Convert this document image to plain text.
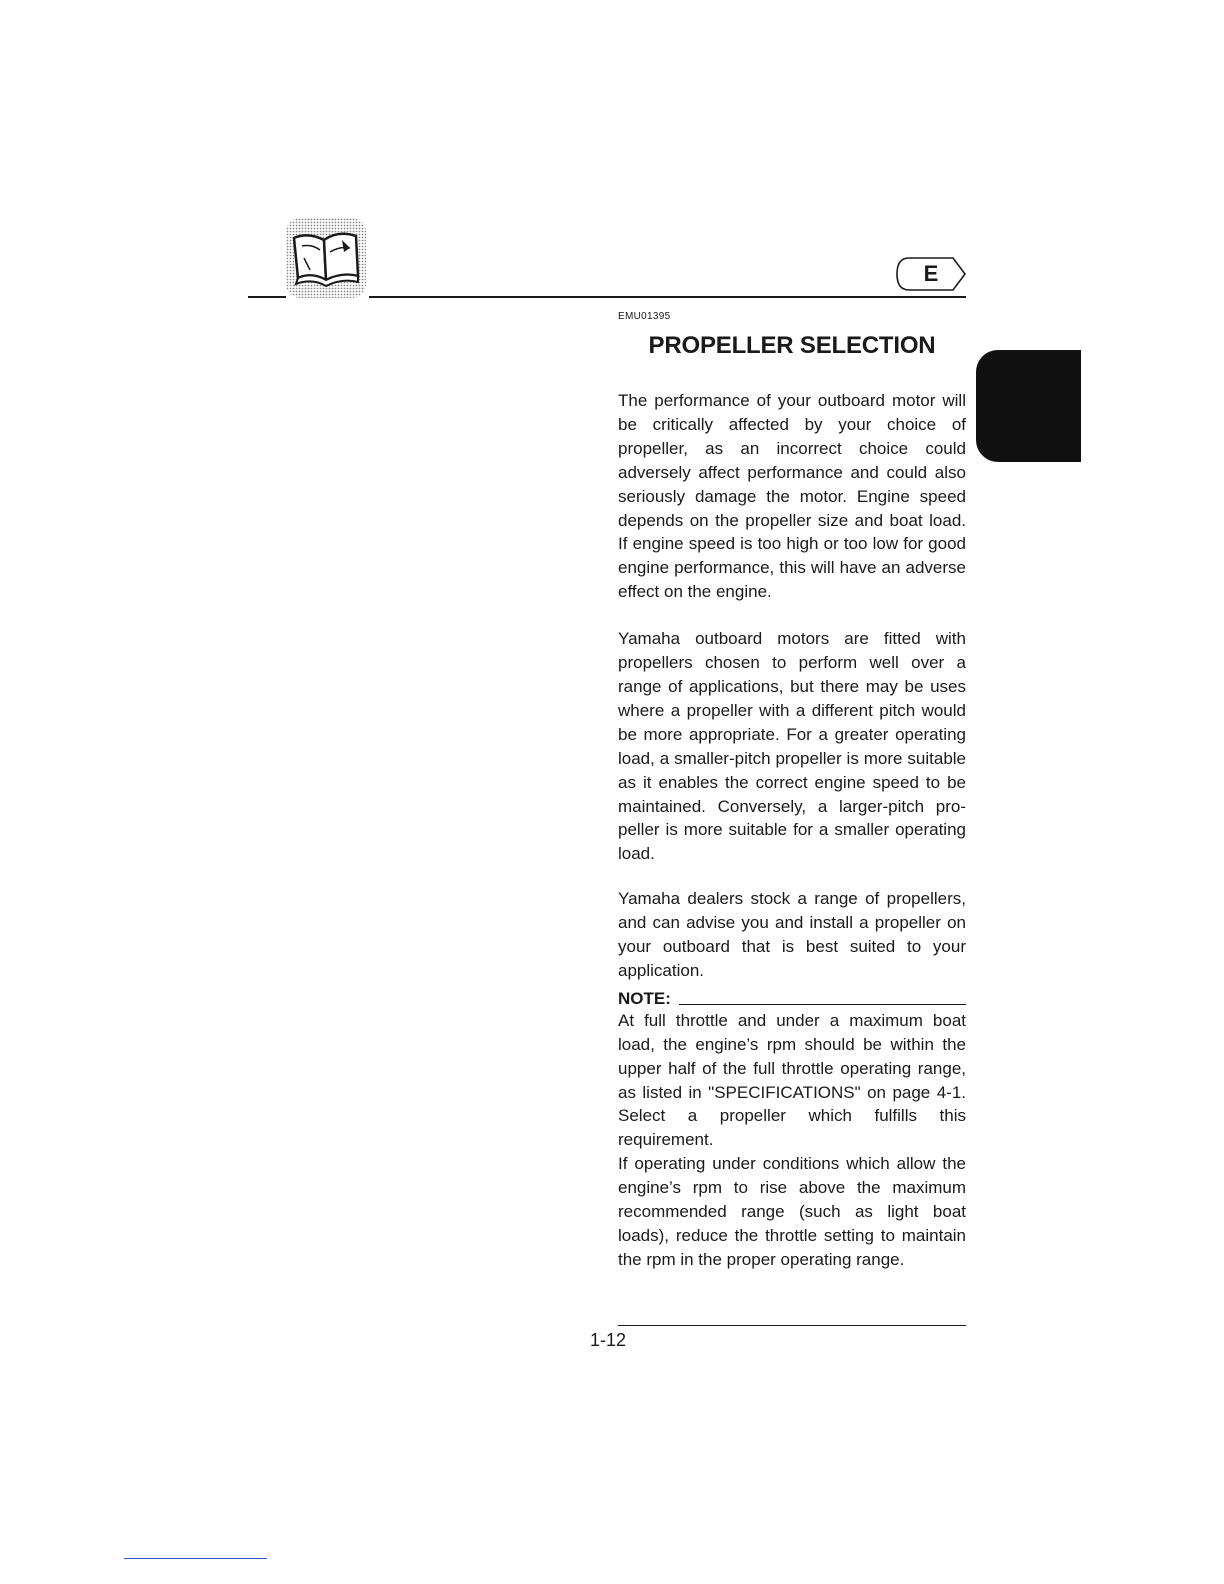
E

EMU01395

PROPELLER SELECTION

The performance of your outboard motor will be critically affected by your choice of propeller, as an incorrect choice could adversely affect performance and could also seriously damage the motor. Engine speed depends on the propeller size and boat load. If engine speed is too high or too low for good engine performance, this will have an adverse effect on the engine.

Yamaha outboard motors are fitted with propellers chosen to perform well over a range of applications, but there may be uses where a propeller with a different pitch would be more appropriate. For a greater operating load, a smaller-pitch propeller is more suitable as it enables the correct engine speed to be maintained. Conversely, a larger-pitch propeller is more suitable for a smaller operating load.

Yamaha dealers stock a range of propellers, and can advise you and install a propeller on your outboard that is best suited to your application.

NOTE:

At full throttle and under a maximum boat load, the engine’s rpm should be within the upper half of the full throttle operating range, as listed in "SPECIFICATIONS" on page 4-1. Select a propeller which fulfills this requirement.

If operating under conditions which allow the engine’s rpm to rise above the maximum recommended range (such as light boat loads), reduce the throttle setting to maintain the rpm in the proper operating range.

1-12
